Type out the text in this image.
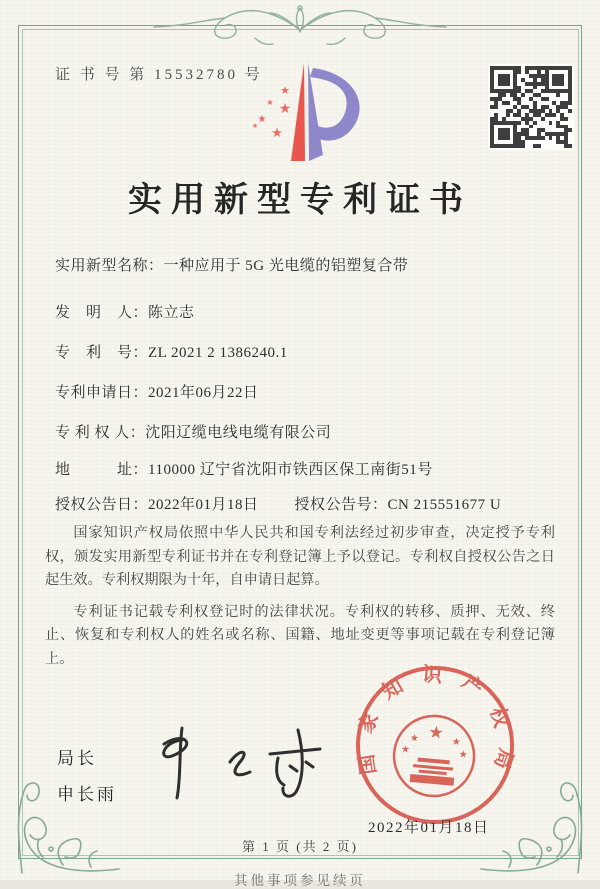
证 书 号 第 15532780 号
★
★ ★
★
★
★
实用新型专利证书
实用新型名称：一种应用于 5G 光电缆的铝塑复合带
发　明　人：陈立志
专　利　号：ZL 2021 2 1386240.1
专利申请日：2021年06月22日
专 利 权 人：沈阳辽缆电线电缆有限公司
地　　　址：110000 辽宁省沈阳市铁西区保工南街51号
授权公告日：2022年01月18日 授权公告号：CN 215551677 U

国家知识产权局依照中华人民共和国专利法经过初步审查，决定授予专利权，颁发实用新型专利证书并在专利登记簿上予以登记。专利权自授权公告之日起生效。专利权期限为十年，自申请日起算。

专利证书记载专利权登记时的法律状况。专利权的转移、质押、无效、终止、恢复和专利权人的姓名或名称、国籍、地址变更等事项记载在专利登记簿上。

局长
申长雨
2022年01月18日
国家知识产权局
★
★
★
★
★
第 1 页 (共 2 页)
其他事项参见续页
